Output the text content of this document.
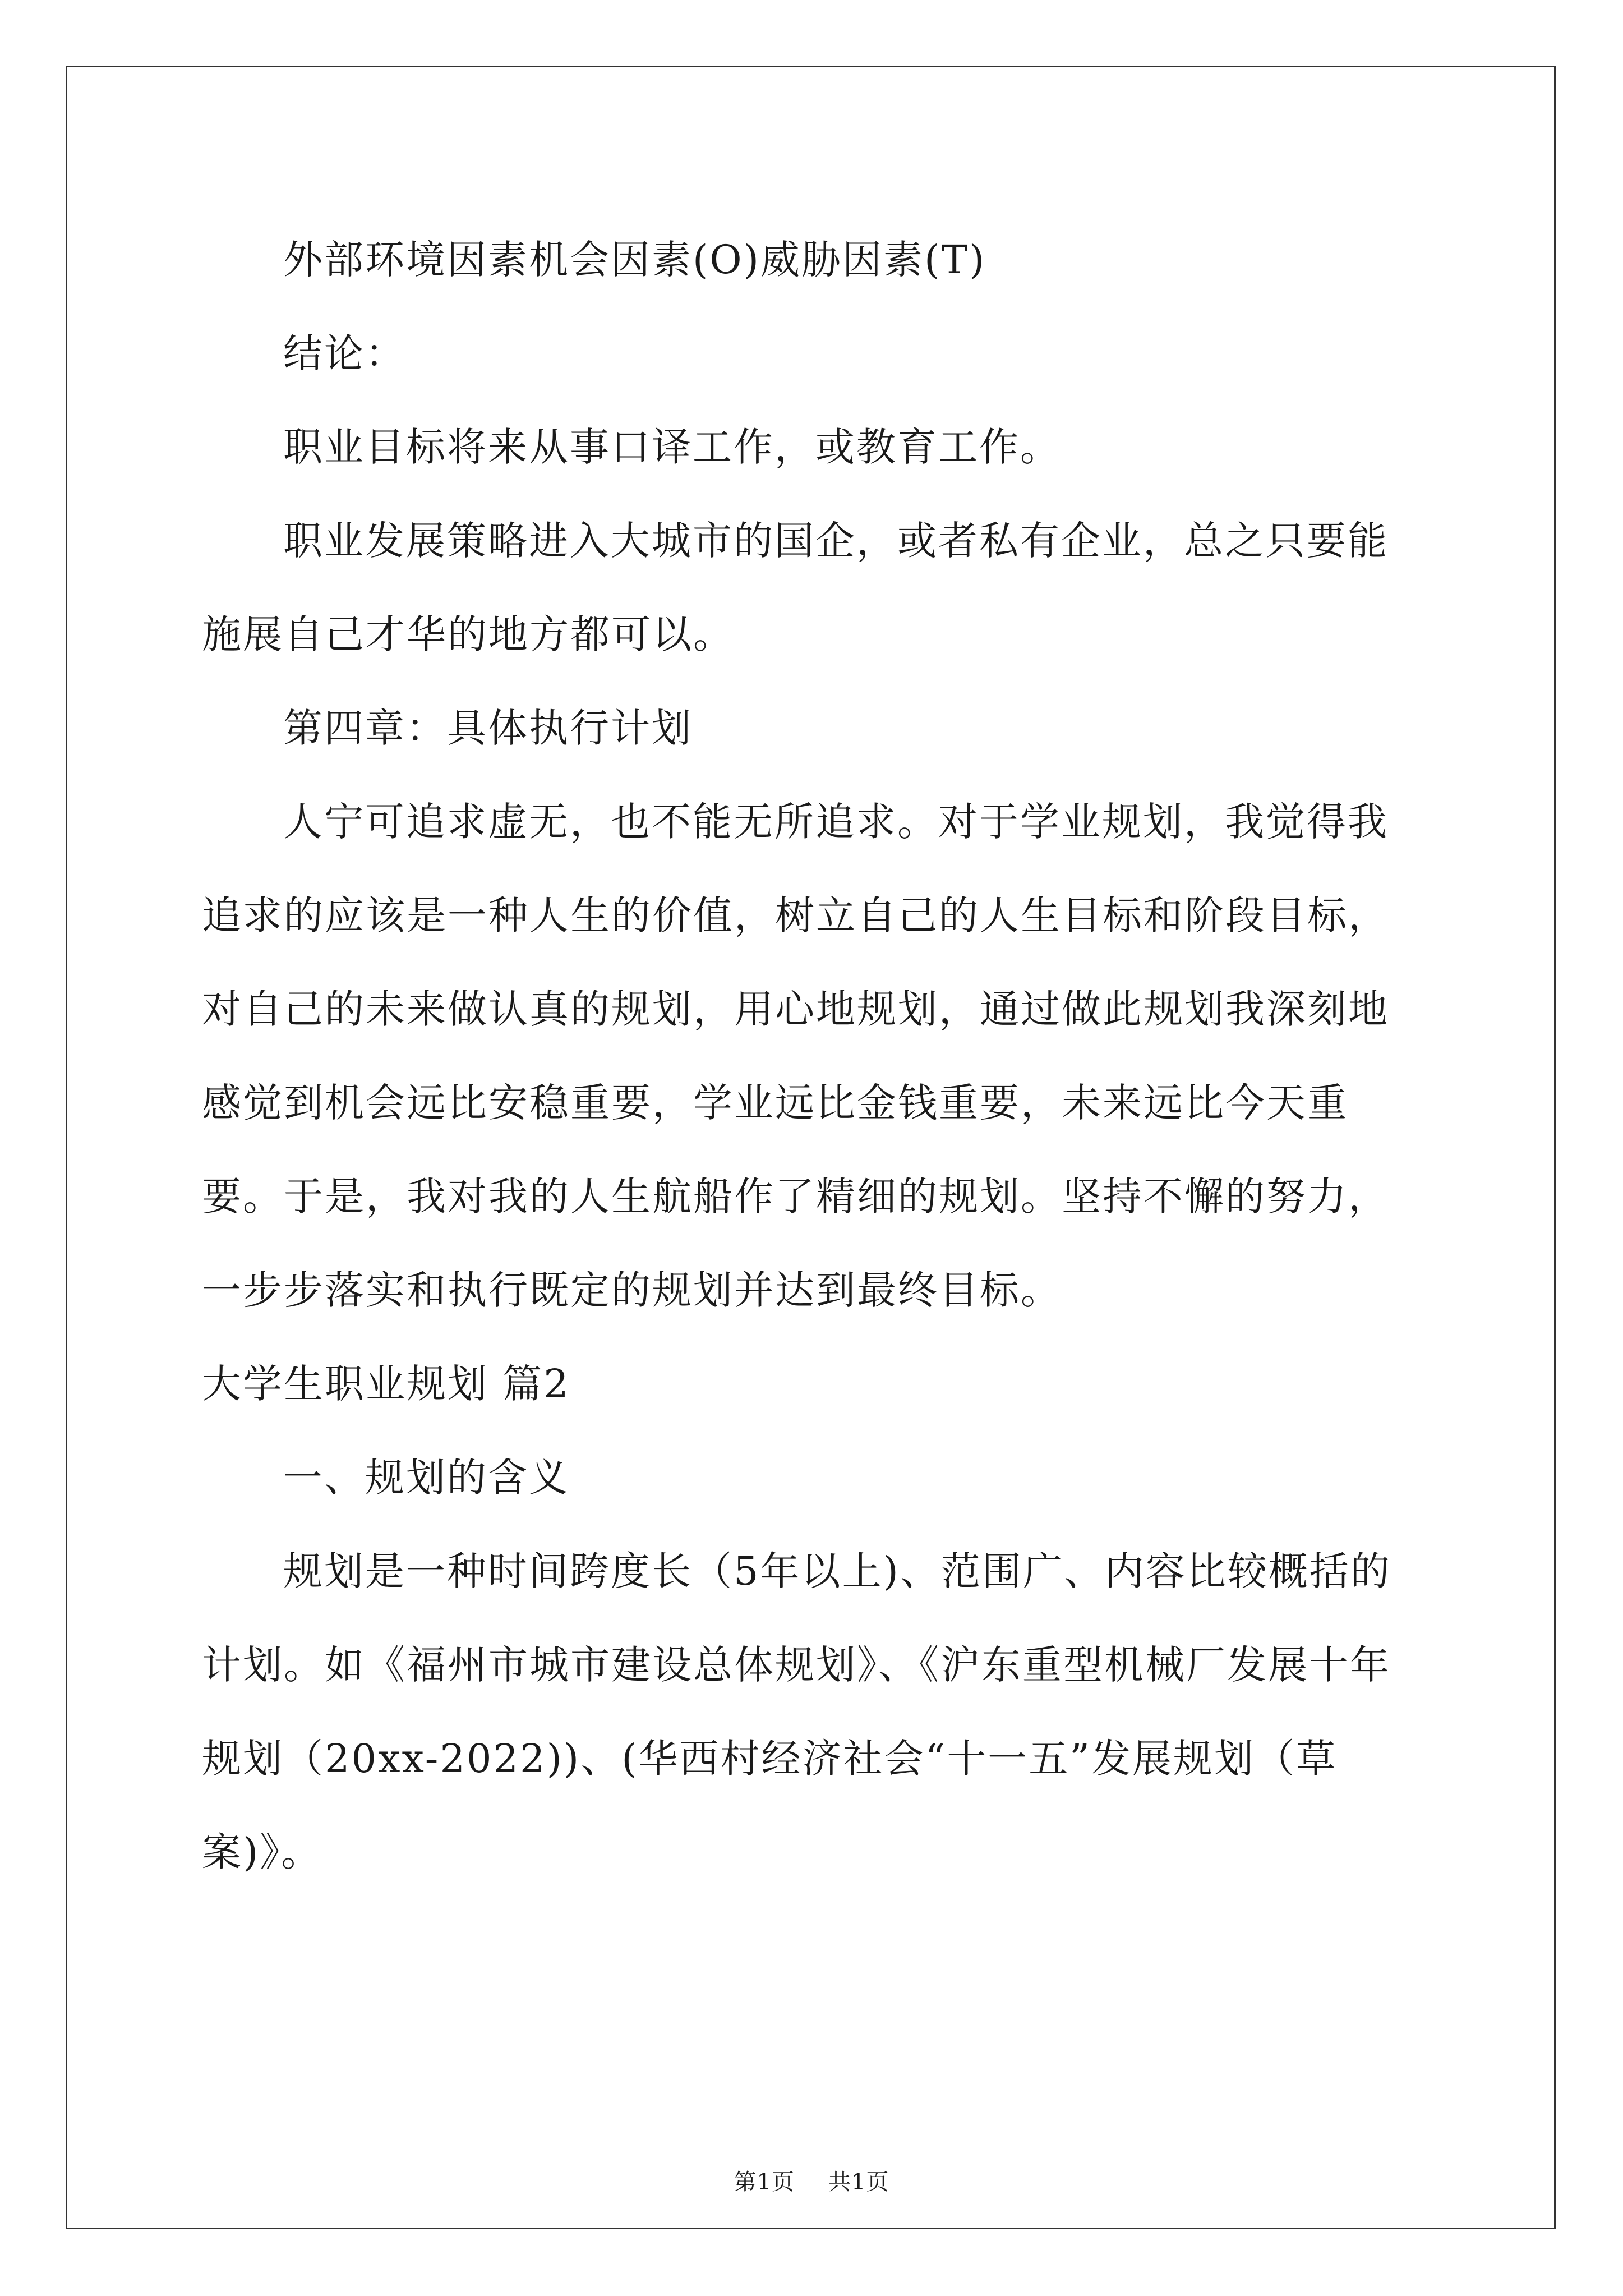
外部环境因素机会因素(O)威胁因素(T)

结论：

职业目标将来从事口译工作，或教育工作。

职业发展策略进入大城市的国企，或者私有企业，总之只要能施展自己才华的地方都可以。

第四章：具体执行计划

人宁可追求虚无，也不能无所追求。对于学业规划，我觉得我追求的应该是一种人生的价值，树立自己的人生目标和阶段目标，对自己的未来做认真的规划，用心地规划，通过做此规划我深刻地感觉到机会远比安稳重要，学业远比金钱重要，未来远比今天重要。于是，我对我的人生航船作了精细的规划。坚持不懈的努力，一步步落实和执行既定的规划并达到最终目标。

大学生职业规划 篇2

一、规划的含义

规划是一种时间跨度长（5年以上)、范围广、内容比较概括的计划。如《福州市城市建设总体规划》、《沪东重型机械厂发展十年规划（20xx-2022))、(华西村经济社会“十一五”发展规划（草案)》。

第1页 共1页
